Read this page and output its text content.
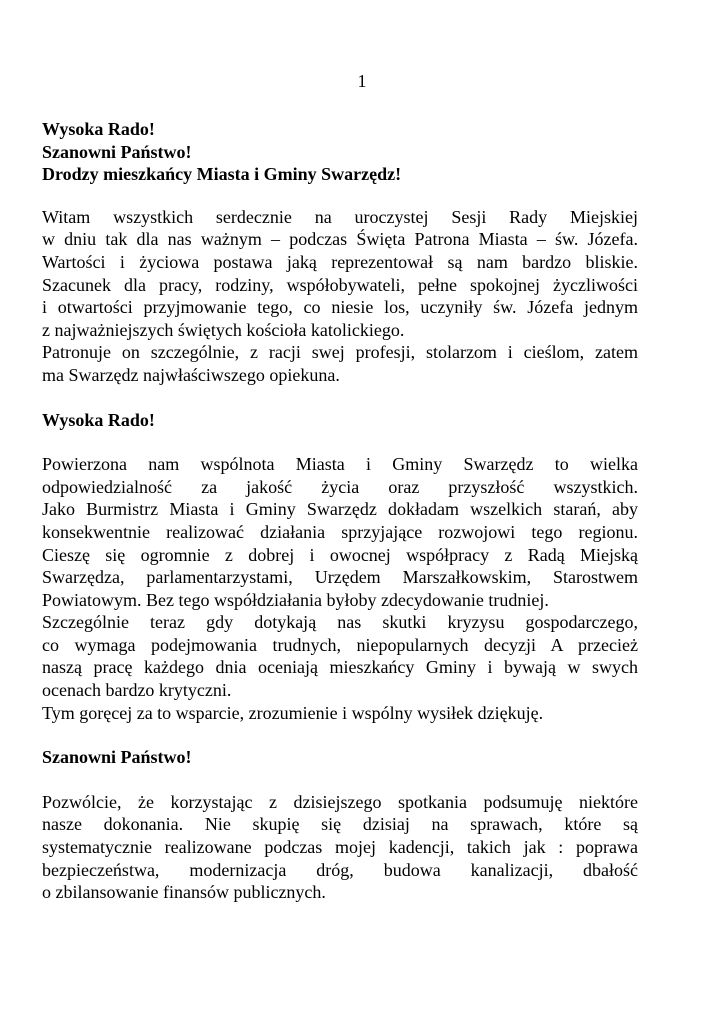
1
Wysoka Rado!
Szanowni Państwo!
Drodzy mieszkańcy Miasta i Gminy Swarzędz!
Witam wszystkich serdecznie na uroczystej Sesji Rady Miejskiej
w dniu tak dla nas ważnym – podczas Święta Patrona Miasta – św. Józefa.
Wartości i życiowa postawa jaką reprezentował są nam bardzo bliskie.
Szacunek dla pracy, rodziny, współobywateli, pełne spokojnej życzliwości
i otwartości przyjmowanie tego, co niesie los, uczyniły św. Józefa jednym
z najważniejszych świętych kościoła katolickiego.
Patronuje on szczególnie, z racji swej profesji, stolarzom i cieślom, zatem
ma Swarzędz najwłaściwszego opiekuna.
Wysoka Rado!
Powierzona nam wspólnota Miasta i Gminy Swarzędz to wielka
odpowiedzialność za jakość życia oraz przyszłość wszystkich.
Jako Burmistrz Miasta i Gminy Swarzędz dokładam wszelkich starań, aby
konsekwentnie realizować działania sprzyjające rozwojowi tego regionu.
Cieszę się ogromnie z dobrej i owocnej współpracy z Radą Miejską
Swarzędza, parlamentarzystami, Urzędem Marszałkowskim, Starostwem
Powiatowym. Bez tego współdziałania byłoby zdecydowanie trudniej.
Szczególnie teraz gdy dotykają nas skutki kryzysu gospodarczego,
co wymaga podejmowania trudnych, niepopularnych decyzji A przecież
naszą pracę każdego dnia oceniają mieszkańcy Gminy i bywają w swych
ocenach bardzo krytyczni.
Tym goręcej za to wsparcie, zrozumienie i wspólny wysiłek dziękuję.
Szanowni Państwo!
Pozwólcie, że korzystając z dzisiejszego spotkania podsumuję niektóre
nasze dokonania. Nie skupię się dzisiaj na sprawach, które są
systematycznie realizowane podczas mojej kadencji, takich jak : poprawa
bezpieczeństwa, modernizacja dróg, budowa kanalizacji, dbałość
o zbilansowanie finansów publicznych.
